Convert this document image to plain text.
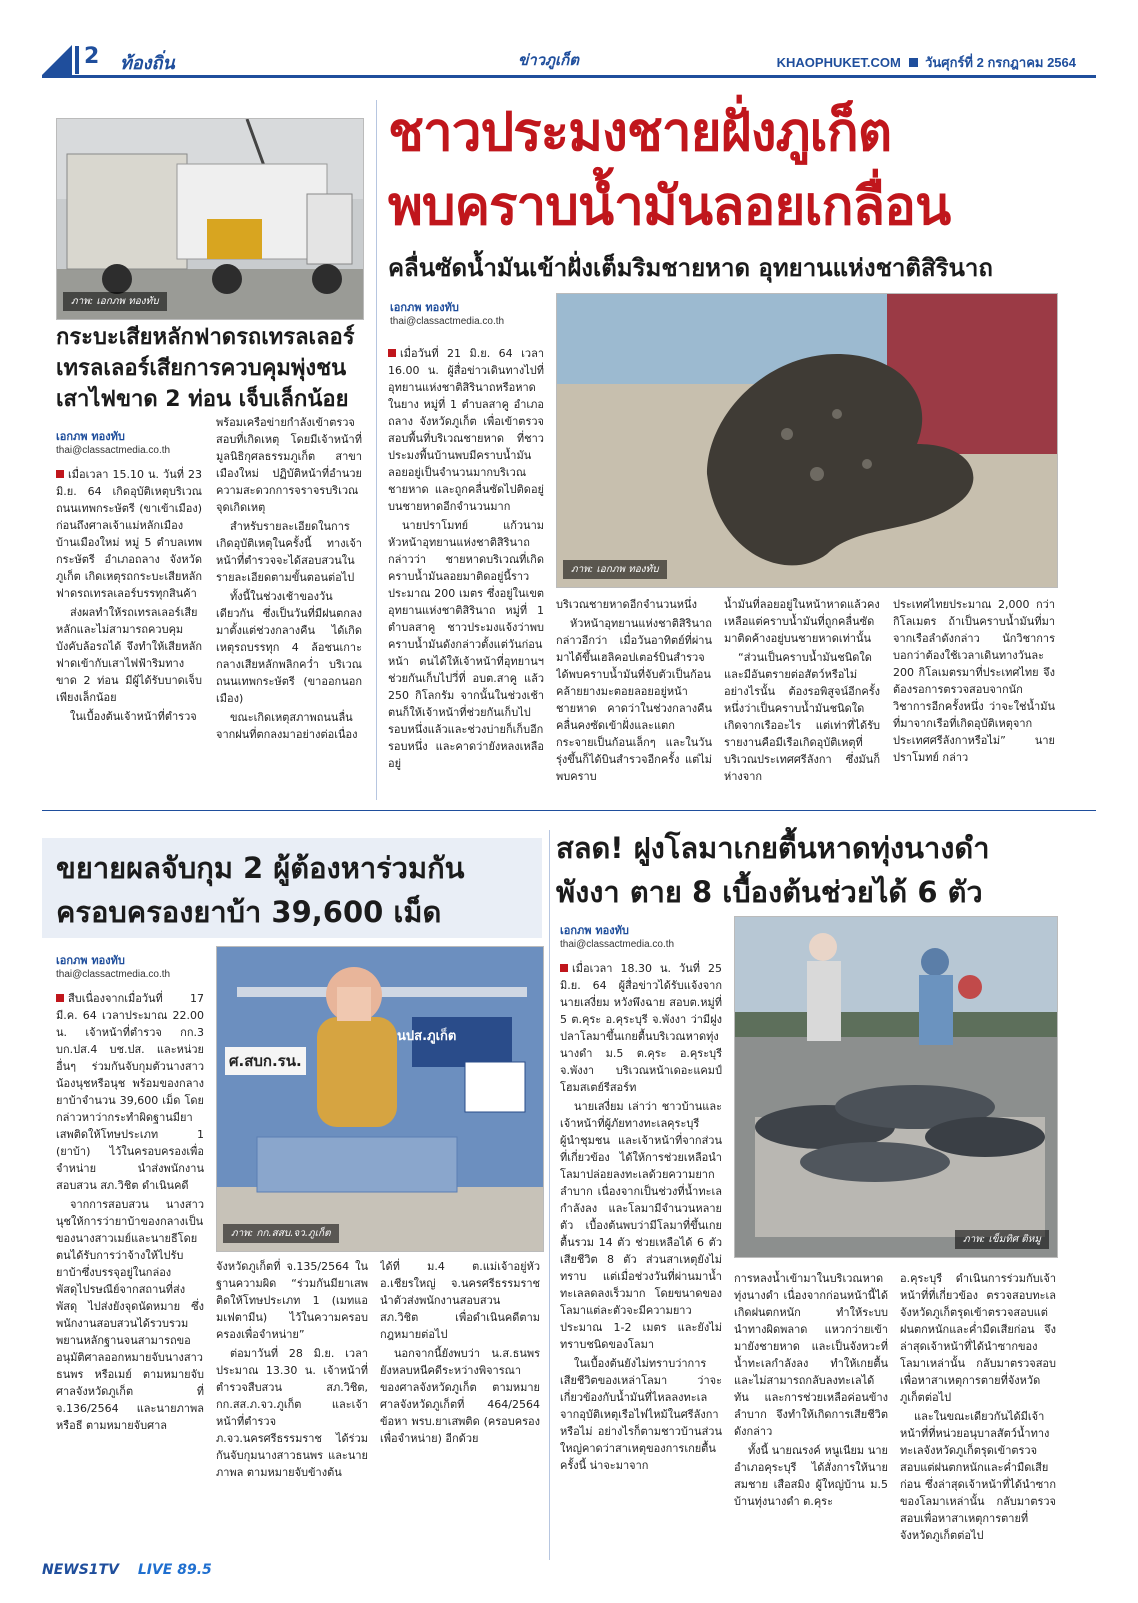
2 ท้องถิ่น	ข่าวภูเก็ต	KHAOPHUKET.COM วันศุกร์ที่ 2 กรกฎาคม 2564
ภาพ: เอกภพ ทองทับ
กระบะเสียหลักฟาดรถเทรลเลอร์
เทรลเลอร์เสียการควบคุมพุ่งชน
เสาไฟขาด 2 ท่อน เจ็บเล็กน้อย
เอกภพ ทองทับ
thai@classactmedia.co.th

เมื่อเวลา 15.10 น. วันที่ 23 มิ.ย. 64 เกิดอุบัติเหตุบริเวณถนนเทพกระษัตรี (ขาเข้าเมือง) ก่อนถึงศาลเจ้าแม่หลักเมือง บ้านเมืองใหม่ หมู่ 5 ตำบลเทพกระษัตรี อำเภอถลาง จังหวัดภูเก็ต เกิดเหตุรถกระบะเสียหลักฟาดรถเทรลเลอร์บรรทุกสินค้า

ส่งผลทำให้รถเทรลเลอร์เสียหลักและไม่สามารถควบคุมบังคับล้อรถได้ จึงทำให้เสียหลักฟาดเข้ากับเสาไฟฟ้าริมทางขาด 2 ท่อน มีผู้ได้รับบาดเจ็บเพียงเล็กน้อย

ในเบื้องต้นเจ้าหน้าที่ตำรวจ

พร้อมเครือข่ายกำลังเข้าตรวจสอบที่เกิดเหตุ โดยมีเจ้าหน้าที่มูลนิธิกุศลธรรมภูเก็ต สาขาเมืองใหม่ ปฏิบัติหน้าที่อำนวยความสะดวกการจราจรบริเวณจุดเกิดเหตุ

สำหรับรายละเอียดในการเกิดอุบัติเหตุในครั้งนี้ ทางเจ้าหน้าที่ตำรวจจะได้สอบสวนในรายละเอียดตามขั้นตอนต่อไป

ทั้งนี้ในช่วงเช้าของวันเดียวกัน ซึ่งเป็นวันที่มีฝนตกลงมาตั้งแต่ช่วงกลางคืน ได้เกิดเหตุรถบรรทุก 4 ล้อชนเกาะกลางเสียหลักพลิกคว่ำ บริเวณถนนเทพกระษัตรี (ขาออกนอกเมือง)

ขณะเกิดเหตุสภาพถนนลื่นจากฝนที่ตกลงมาอย่างต่อเนื่อง

ชาวประมงชายฝั่งภูเก็ต
พบคราบน้ำมันลอยเกลื่อน
คลื่นซัดน้ำมันเข้าฝั่งเต็มริมชายหาด อุทยานแห่งชาติสิรินาถ
เอกภพ ทองทับ
thai@classactmedia.co.th
ภาพ: เอกภพ ทองทับ

เมื่อวันที่ 21 มิ.ย. 64 เวลา 16.00 น. ผู้สื่อข่าวเดินทางไปที่อุทยานแห่งชาติสิรินาถหรือหาดในยาง หมู่ที่ 1 ตำบลสาคู อำเภอถลาง จังหวัดภูเก็ต เพื่อเข้าตรวจสอบพื้นที่บริเวณชายหาด ที่ชาวประมงพื้นบ้านพบมีคราบน้ำมันลอยอยู่เป็นจำนวนมากบริเวณชายหาด และถูกคลื่นซัดไปติดอยู่บนชายหาดอีกจำนวนมาก

นายปราโมทย์ แก้วนาม หัวหน้าอุทยานแห่งชาติสิรินาถ กล่าวว่า ชายหาดบริเวณที่เกิดคราบน้ำมันลอยมาติดอยู่นี้ราวประมาณ 200 เมตร ซึ่งอยู่ในเขตอุทยานแห่งชาติสิรินาถ หมู่ที่ 1 ตำบลสาคู ชาวประมงแจ้งว่าพบคราบน้ำมันดังกล่าวตั้งแต่วันก่อนหน้า ตนได้ให้เจ้าหน้าที่อุทยานฯ ช่วยกันเก็บไปวี่ที่ อบต.สาคู แล้ว 250 กิโลกรัม จากนั้นในช่วงเช้าตนก็ให้เจ้าหน้าที่ช่วยกันเก็บไปรอบหนึ่งแล้วและช่วงบ่ายก็เก็บอีกรอบหนึ่ง และคาดว่ายังหลงเหลืออยู่

บริเวณชายหาดอีกจำนวนหนึ่ง

หัวหน้าอุทยานแห่งชาติสิรินาถ กล่าวอีกว่า เมื่อวันอาทิตย์ที่ผ่านมาได้ขึ้นเฮลิคอปเตอร์บินสำรวจได้พบคราบน้ำมันที่จับตัวเป็นก้อนคล้ายยางมะตอยลอยอยู่หน้าชายหาด คาดว่าในช่วงกลางคืนคลื่นคงซัดเข้าฝั่งและแตกกระจายเป็นก้อนเล็กๆ และในวันรุ่งขึ้นก็ได้บินสำรวจอีกครั้ง แต่ไม่พบคราบ

น้ำมันที่ลอยอยู่ในหน้าหาดแล้วคงเหลือแต่คราบน้ำมันที่ถูกคลื่นซัดมาติดค้างอยู่บนชายหาดเท่านั้น

“ส่วนเป็นคราบน้ำมันชนิดใด และมีอันตรายต่อสัตว์หรือไม่อย่างไรนั้น ต้องรอพิสูจน์อีกครั้ง หนึ่งว่าเป็นคราบน้ำมันชนิดใดเกิดจากเรืออะไร แต่เท่าที่ได้รับรายงานคือมีเรือเกิดอุบัติเหตุที่บริเวณประเทศศรีลังกา ซึ่งมันก็ห่างจาก

ประเทศไทยประมาณ 2,000 กว่ากิโลเมตร ถ้าเป็นคราบน้ำมันที่มาจากเรือลำดังกล่าว นักวิชาการบอกว่าต้องใช้เวลาเดินทางวันละ 200 กิโลเมตรมาที่ประเทศไทย จึงต้องรอการตรวจสอบจากนักวิชาการอีกครั้งหนึ่ง ว่าจะใช่น้ำมันที่มาจากเรือที่เกิดอุบัติเหตุจากประเทศศรีลังกาหรือไม่” นายปราโมทย์ กล่าว

ขยายผลจับกุม 2 ผู้ต้องหาร่วมกัน
ครอบครองยาบ้า 39,600 เม็ด
เอกภพ ทองทับ
thai@classactmedia.co.th
นปส.ภูเก็ต
ศ.สบก.รน.
ภาพ: กก.สสบ.จว.ภูเก็ต

สืบเนื่องจากเมื่อวันที่ 17 มี.ค. 64 เวลาประมาณ 22.00 น. เจ้าหน้าที่ตำรวจ กก.3 บก.ปส.4 บช.ปส. และหน่วยอื่นๆ ร่วมกันจับกุมตัวนางสาวน้องนุชหรือนุช พร้อมของกลางยาบ้าจำนวน 39,600 เม็ด โดยกล่าวหาว่ากระทำผิดฐานมียาเสพติดให้โทษประเภท 1 (ยาบ้า) ไว้ในครอบครองเพื่อจำหน่าย นำส่งพนักงานสอบสวน สภ.วิชิต ดำเนินคดี

จากการสอบสวน นางสาวนุชให้การว่ายาบ้าของกลางเป็นของนางสาวเมย์และนายธีโดยตนได้รับการว่าจ้างให้ไปรับยาบ้าซึ่งบรรจุอยู่ในกล่องพัสดุไปรษณีย์จากสถานที่ส่งพัสดุ ไปส่งยังจุดนัดหมาย ซึ่งพนักงานสอบสวนได้รวบรวมพยานหลักฐานจนสามารถขออนุมัติศาลออกหมายจับนางสาวธนพร หรือเมย์ ตามหมายจับศาลจังหวัดภูเก็ต ที่ จ.136/2564 และนายภาพล หรือธี ตามหมายจับศาล

จังหวัดภูเก็ตที่ จ.135/2564 ในฐานความผิด “ร่วมกันมียาเสพติดให้โทษประเภท 1 (เมทแอมเฟตามีน) ไว้ในความครอบครองเพื่อจำหน่าย”

ต่อมาวันที่ 28 มิ.ย. เวลาประมาณ 13.30 น. เจ้าหน้าที่ตำรวจสืบสวน สภ.วิชิต, กก.สส.ภ.จว.ภูเก็ต และเจ้าหน้าที่ตำรวจ ภ.จว.นครศรีธรรมราช ได้ร่วมกันจับกุมนางสาวธนพร และนายภาพล ตามหมายจับข้างต้น

ได้ที่ ม.4 ต.แม่เจ้าอยู่หัว อ.เชียรใหญ่ จ.นครศรีธรรมราช นำตัวส่งพนักงานสอบสวน สภ.วิชิต เพื่อดำเนินคดีตามกฎหมายต่อไป

นอกจากนี้ยังพบว่า น.ส.ธนพร ยังหลบหนีคดีระหว่างพิจารณาของศาลจังหวัดภูเก็ต ตามหมายศาลจังหวัดภูเก็ตที่ 464/2564 ข้อหา พรบ.ยาเสพติด (ครอบครองเพื่อจำหน่าย) อีกด้วย

สลด! ฝูงโลมาเกยตื้นหาดทุ่งนางดำ
พังงา ตาย 8 เบื้องต้นช่วยได้ 6 ตัว
เอกภพ ทองทับ
thai@classactmedia.co.th
ภาพ: เข็มทิศ ติหมู

เมื่อเวลา 18.30 น. วันที่ 25 มิ.ย. 64 ผู้สื่อข่าวได้รับแจ้งจากนายเสงี่ยม หวังพึงฉาย สอบต.หมู่ที่ 5 ต.คุระ อ.คุระบุรี จ.พังงา ว่ามีฝูงปลาโลมาขึ้นเกยตื้นบริเวณหาดทุ่งนางดำ ม.5 ต.คุระ อ.คุระบุรี จ.พังงา บริเวณหน้าเดอะแคมป์โฮมสเตย์รีสอร์ท

นายเสงี่ยม เล่าว่า ชาวบ้านและเจ้าหน้าที่ผู้ภัยทางทะเลคุระบุรี ผู้นำชุมชน และเจ้าหน้าที่จากส่วนที่เกี่ยวข้อง ได้ให้การช่วยเหลือนำโลมาปล่อยลงทะเลด้วยความยากลำบาก เนื่องจากเป็นช่วงที่น้ำทะเลกำลังลง และโลมามีจำนวนหลายตัว เบื้องต้นพบว่ามีโลมาที่ขึ้นเกยตื้นรวม 14 ตัว ช่วยเหลือได้ 6 ตัว เสียชีวิต 8 ตัว ส่วนสาเหตุยังไม่ทราบ แต่เมื่อช่วงวันที่ผ่านมาน้ำทะเลลดลงเร็วมาก โดยขนาดของโลมาแต่ละตัวจะมีความยาวประมาณ 1-2 เมตร และยังไม่ทราบชนิดของโลมา

ในเบื้องต้นยังไม่ทราบว่าการเสียชีวิตของเหล่าโลมา ว่าจะเกี่ยวข้องกับน้ำมันที่ไหลลงทะเลจากอุบัติเหตุเรือไฟไหม้ในศรีลังกาหรือไม่ อย่างไรก็ตามชาวบ้านส่วนใหญ่คาดว่าสาเหตุของการเกยตื้นครั้งนี้ น่าจะมาจาก

การหลงน้ำเข้ามาในบริเวณหาดทุ่งนางดำ เนื่องจากก่อนหน้านี้ได้เกิดฝนตกหนัก ทำให้ระบบนำทางผิดพลาด แหวกว่ายเข้ามายังชายหาด และเป็นจังหวะที่น้ำทะเลกำลังลง ทำให้เกยตื้นและไม่สามารถกลับลงทะเลได้ทัน และการช่วยเหลือค่อนข้างลำบาก จึงทำให้เกิดการเสียชีวิตดังกล่าว

ทั้งนี้ นายณรงค์ หนูเนียม นายอำเภอคุระบุรี ได้สั่งการให้นายสมชาย เสือสมิง ผู้ใหญ่บ้าน ม.5 บ้านทุ่งนางดำ ต.คุระ

อ.คุระบุรี ดำเนินการร่วมกับเจ้าหน้าที่ที่เกี่ยวข้อง ตรวจสอบทะเลจังหวัดภูเก็ตรุดเข้าตรวจสอบแต่ฝนตกหนักและค่ำมืดเสียก่อน จึงล่าสุดเจ้าหน้าที่ได้นำซากของโลมาเหล่านั้น กลับมาตรวจสอบเพื่อหาสาเหตุการตายที่จังหวัดภูเก็ตต่อไป

และในขณะเดียวกันได้มีเจ้าหน้าที่ที่หน่วยอนุบาลสัตว์น้ำทางทะเลจังหวัดภูเก็ตรุดเข้าตรวจสอบแต่ฝนตกหนักและค่ำมืดเสียก่อน ซึ่งล่าสุดเจ้าหน้าที่ได้นำซากของโลมาเหล่านั้น กลับมาตรวจสอบเพื่อหาสาเหตุการตายที่จังหวัดภูเก็ตต่อไป

NEWS1TV LIVE 89.5
